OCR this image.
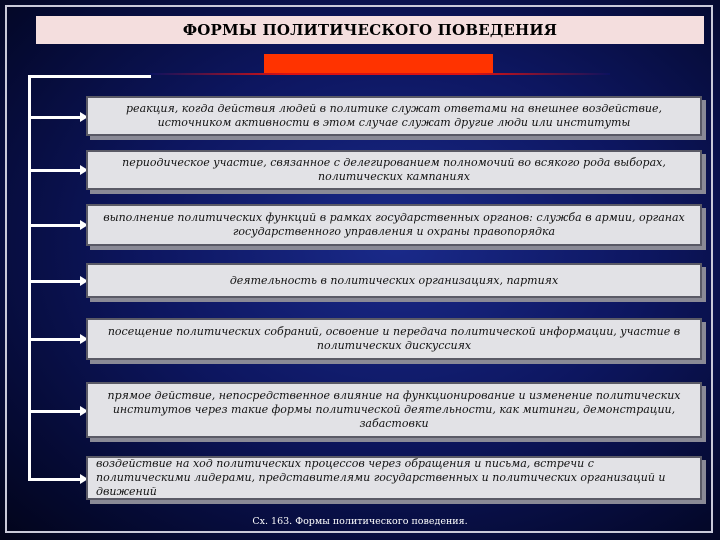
ФОРМЫ ПОЛИТИЧЕСКОГО ПОВЕДЕНИЯ
реакция, когда действия людей в политике служат ответами на внешнее воздействие, источником активности в этом случае служат другие люди или институты
периодическое участие, связанное с делегированием полномочий во всякого рода выборах, политических кампаниях
выполнение политических функций в рамках государственных органов: служба в армии, органах государственного управления и охраны правопорядка
деятельность в политических организациях, партиях
посещение политических собраний, освоение и передача политической информации, участие в политических дискуссиях
прямое действие, непосредственное влияние на функционирование и изменение политических институтов через такие формы политической деятельности, как митинги, демонстрации, забастовки
воздействие на ход политических процессов через обращения и письма, встречи с политическими лидерами, представителями государственных и политических организаций и движений
Сх. 163. Формы политического поведения.
